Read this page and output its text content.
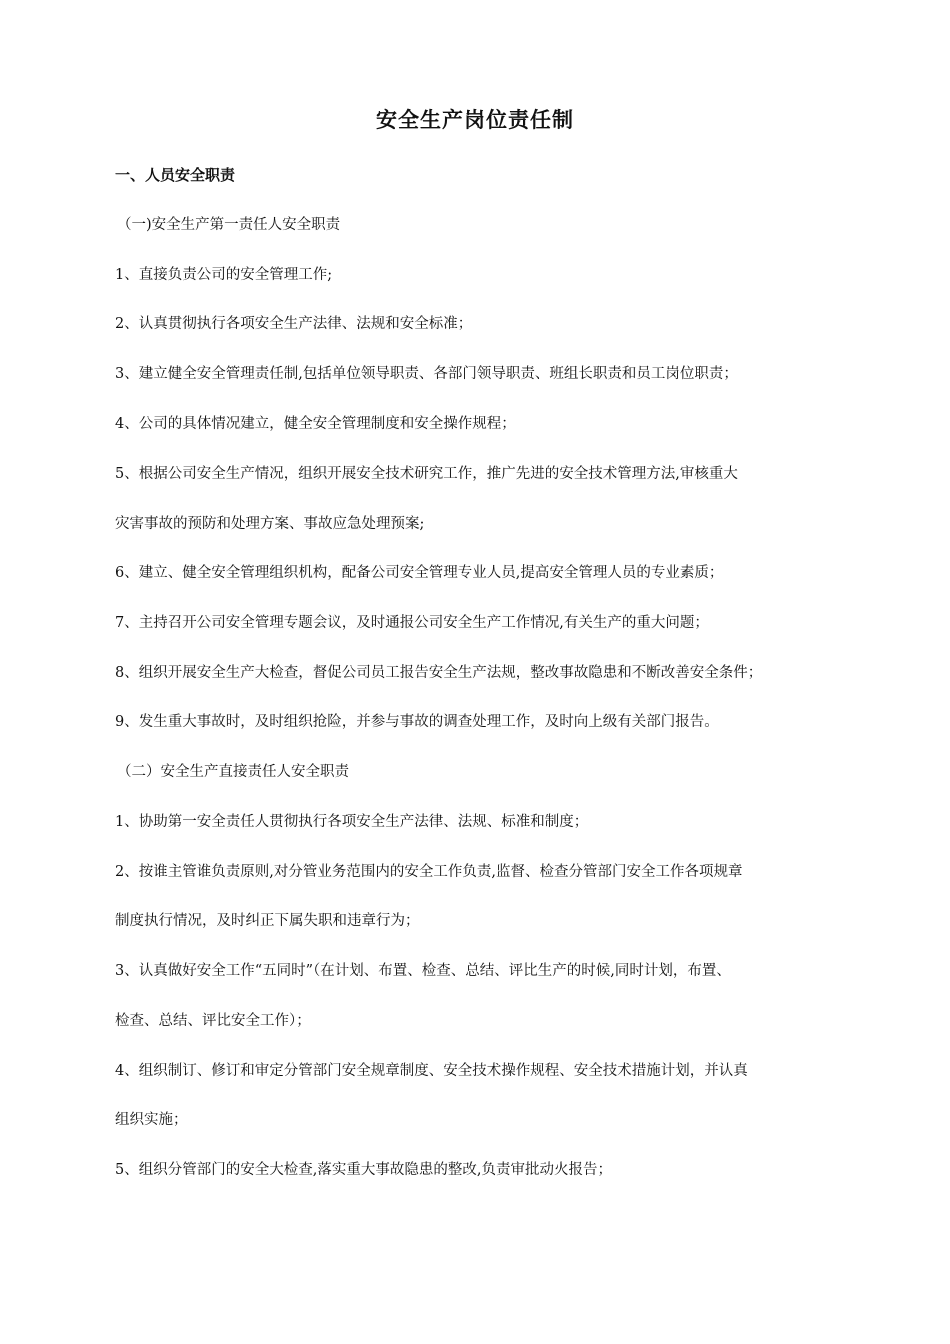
安全生产岗位责任制
一、人员安全职责
（一)安全生产第一责任人安全职责
1、直接负责公司的安全管理工作;
2、认真贯彻执行各项安全生产法律、法规和安全标准；
3、建立健全安全管理责任制,包括单位领导职责、各部门领导职责、班组长职责和员工岗位职责；
4、公司的具体情况建立，健全安全管理制度和安全操作规程；
5、根据公司安全生产情况，组织开展安全技术研究工作，推广先进的安全技术管理方法,审核重大
灾害事故的预防和处理方案、事故应急处理预案;
6、建立、健全安全管理组织机构，配备公司安全管理专业人员,提高安全管理人员的专业素质；
7、主持召开公司安全管理专题会议，及时通报公司安全生产工作情况,有关生产的重大问题；
8、组织开展安全生产大检查，督促公司员工报告安全生产法规，整改事故隐患和不断改善安全条件；
9、发生重大事故时，及时组织抢险，并参与事故的调查处理工作，及时向上级有关部门报告。
（二）安全生产直接责任人安全职责
1、协助第一安全责任人贯彻执行各项安全生产法律、法规、标准和制度；
2、按谁主管谁负责原则,对分管业务范围内的安全工作负责,监督、检查分管部门安全工作各项规章
制度执行情况，及时纠正下属失职和违章行为；
3、认真做好安全工作“五同时”（在计划、布置、检查、总结、评比生产的时候,同时计划，布置、
检查、总结、评比安全工作）；
4、组织制订、修订和审定分管部门安全规章制度、安全技术操作规程、安全技术措施计划，并认真
组织实施；
5、组织分管部门的安全大检查,落实重大事故隐患的整改,负责审批动火报告；
